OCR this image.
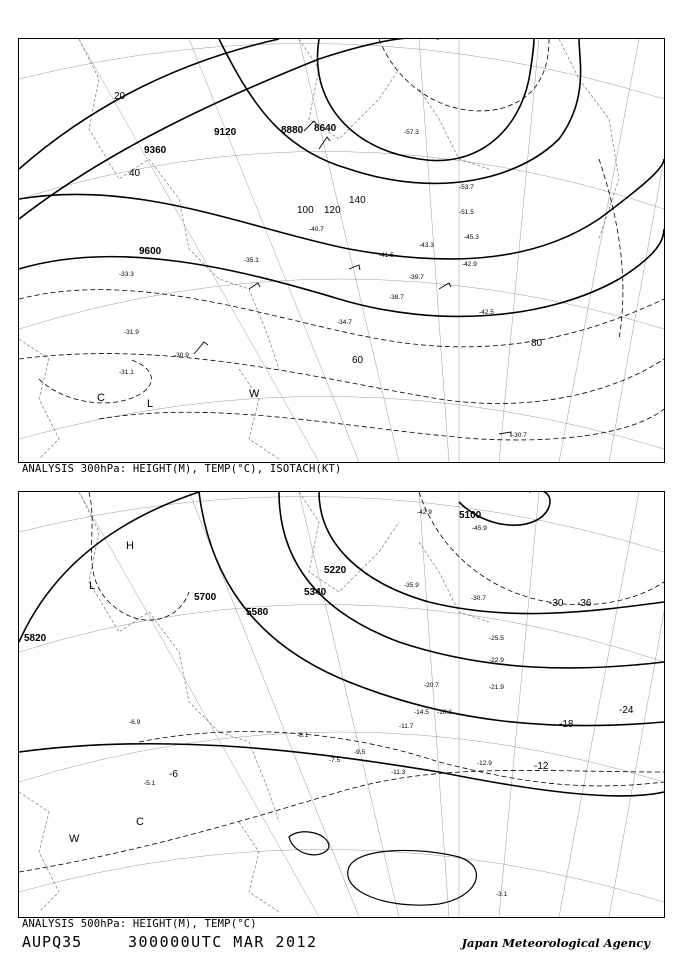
9120
9360
9600
8640
8880
20
40
60
80
100 120
140
C	W
L
-57.3
-53.7
-51.5
-45.3
-42.9
-42.5
-39.7
-38.7
-34.7
-31.9
-31.1
-30.9
-30.7
-33.3
-35.1
-40.7
-43.3
-41.5
ANALYSIS 300hPa: HEIGHT(M), TEMP(°C), ISOTACH(KT)
5100
5220
5340
5580
5700
5820
-6
-12
-18
-24
-30 -36
H
L
W
C
-45.9
-42.9
-35.9
-30.7
-25.5
-22.9
-21.9
-20.7
-16.3
-14.5
-12.9
-11.7
-11.3
-9.5
-8.1
-7.5
-6.9
-5.1
-3.1
ANALYSIS 500hPa: HEIGHT(M), TEMP(°C)
AUPQ35	300000UTC MAR 2012	Japan Meteorological Agency
